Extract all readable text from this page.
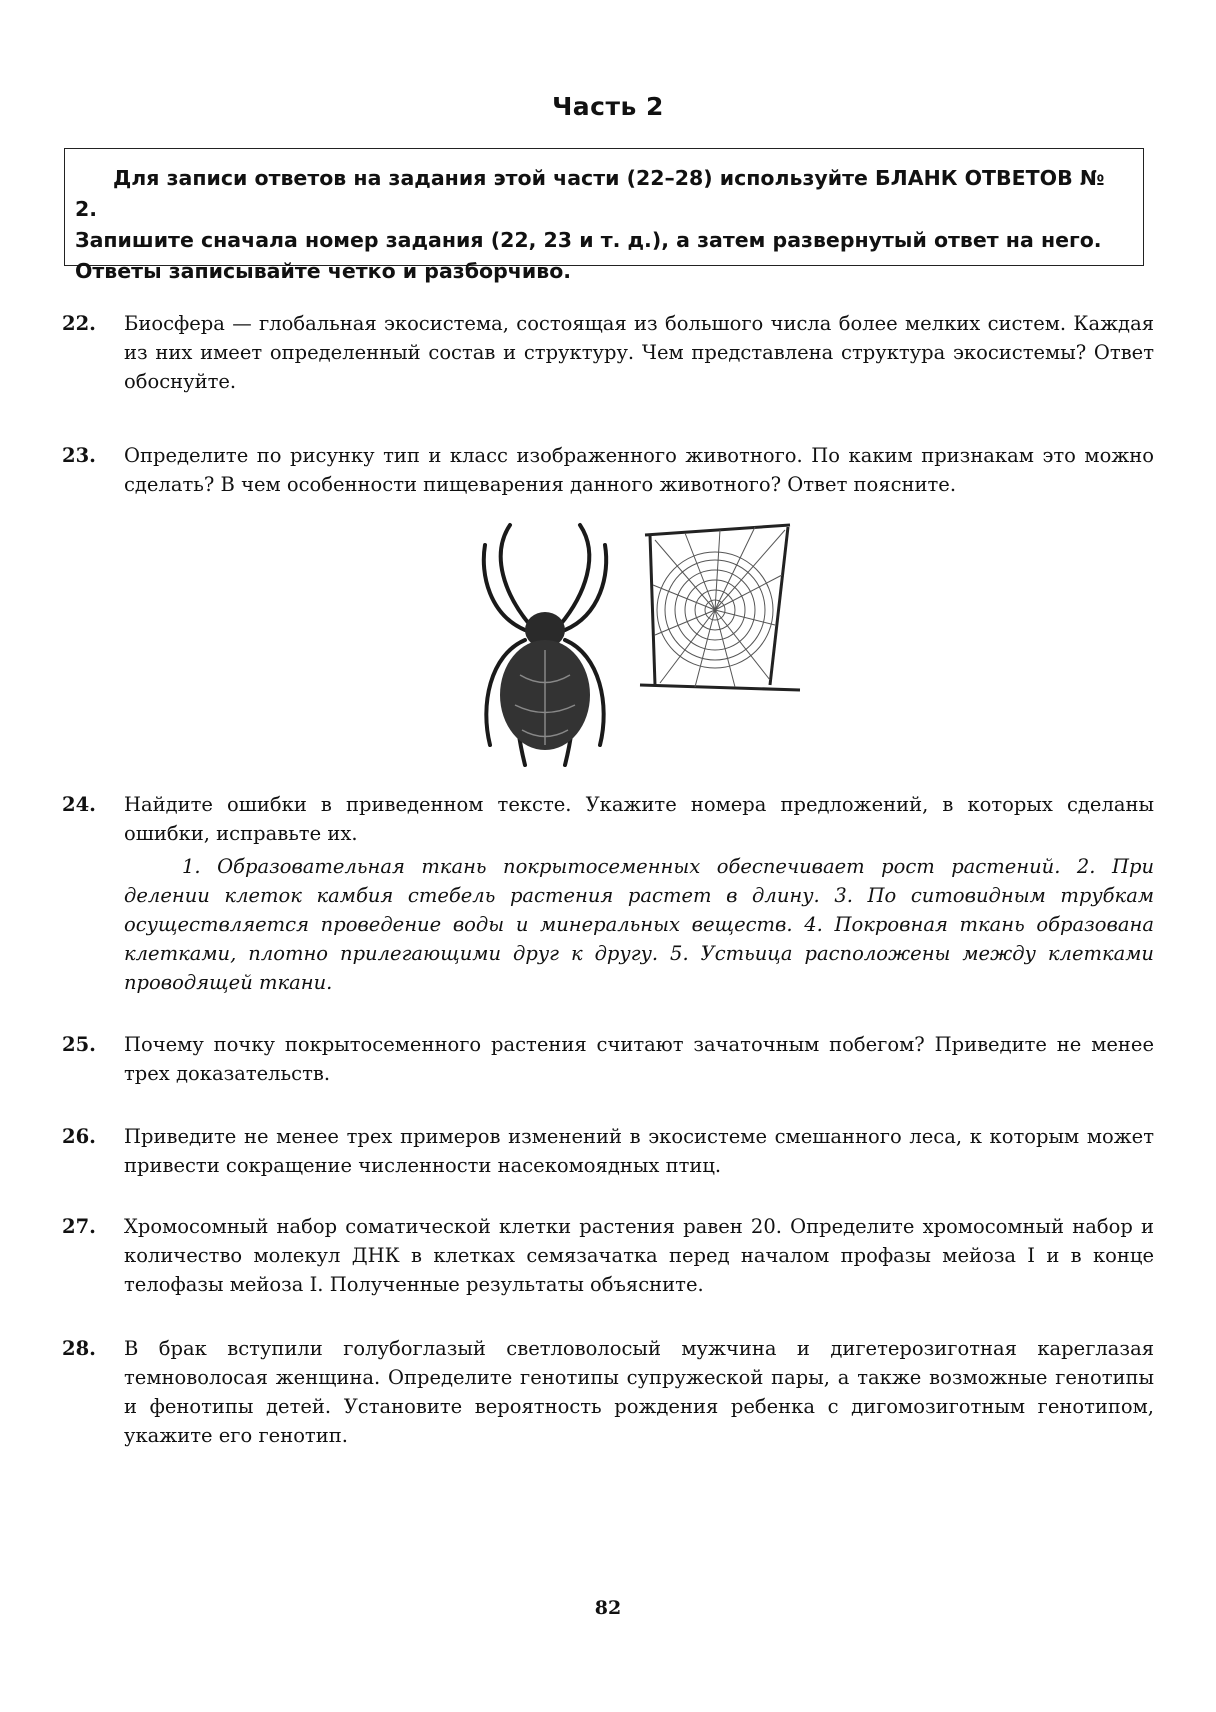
Часть 2

Для записи ответов на задания этой части (22–28) используйте БЛАНК ОТВЕТОВ № 2.

Запишите сначала номер задания (22, 23 и т. д.), а затем развернутый ответ на него.

Ответы записывайте четко и разборчиво.

22.	Биосфера — глобальная экосистема, состоящая из большого числа более мелких систем. Каждая из них имеет определенный состав и структуру. Чем представлена структура экосистемы? Ответ обоснуйте.
23.	Определите по рисунку тип и класс изображенного животного. По каким признакам это можно сделать? В чем особенности пищеварения данного животного? Ответ поясните.
24.	Найдите ошибки в приведенном тексте. Укажите номера предложений, в которых сделаны ошибки, исправьте их.
1. Образовательная ткань покрытосеменных обеспечивает рост растений. 2. При делении клеток камбия стебель растения растет в длину. 3. По ситовидным трубкам осуществляется проведение воды и минеральных веществ. 4. Покровная ткань образована клетками, плотно прилегающими друг к другу. 5. Устьица расположены между клетками проводящей ткани.
25.	Почему почку покрытосеменного растения считают зачаточным побегом? Приведите не менее трех доказательств.
26.	Приведите не менее трех примеров изменений в экосистеме смешанного леса, к которым может привести сокращение численности насекомоядных птиц.
27.	Хромосомный набор соматической клетки растения равен 20. Определите хромосомный набор и количество молекул ДНК в клетках семязачатка перед началом профазы мейоза I и в конце телофазы мейоза I. Полученные результаты объясните.
28.	В брак вступили голубоглазый светловолосый мужчина и дигетерозиготная кареглазая темноволосая женщина. Определите генотипы супружеской пары, а также возможные генотипы и фенотипы детей. Установите вероятность рождения ребенка с дигомозиготным генотипом, укажите его генотип.
82
